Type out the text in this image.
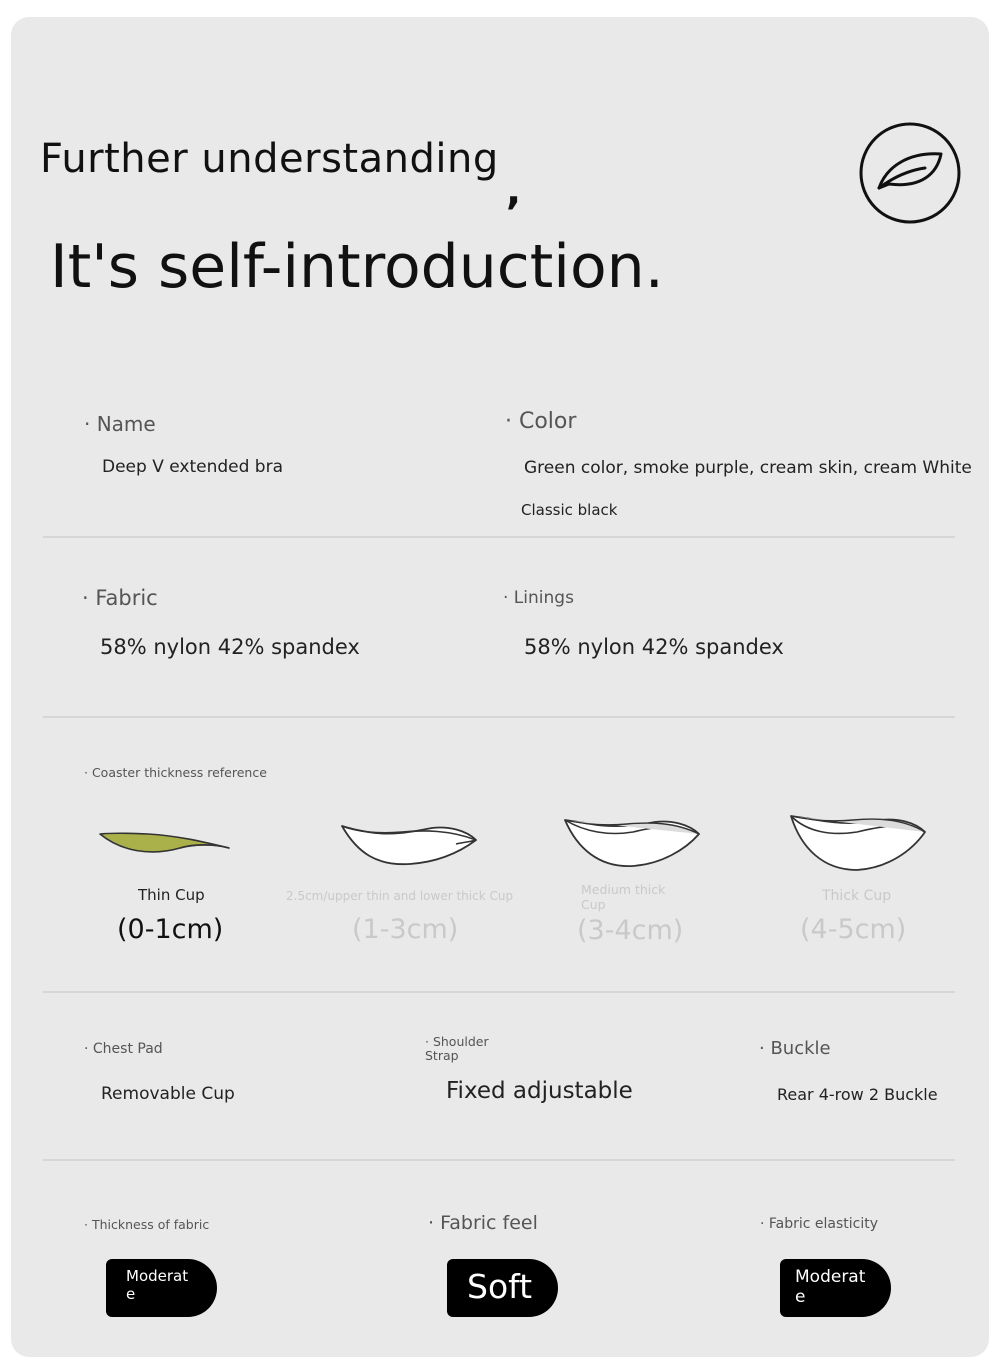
Further understanding
,
It's self-introduction.
· Name
Deep V extended bra
· Color
Green color, smoke purple, cream skin, cream White
Classic black
· Fabric
58% nylon 42% spandex
· Linings
58% nylon 42% spandex
· Coaster thickness reference
Thin Cup
(0-1cm)
2.5cm/upper thin and lower thick Cup
(1-3cm)
Medium thick Cup
(3-4cm)
Thick Cup
(4-5cm)
· Chest Pad
Removable Cup
· Shoulder Strap
Fixed adjustable
· Buckle
Rear 4-row 2 Buckle
· Thickness of fabric
Moderate
· Fabric feel
Soft
· Fabric elasticity
Moderate
